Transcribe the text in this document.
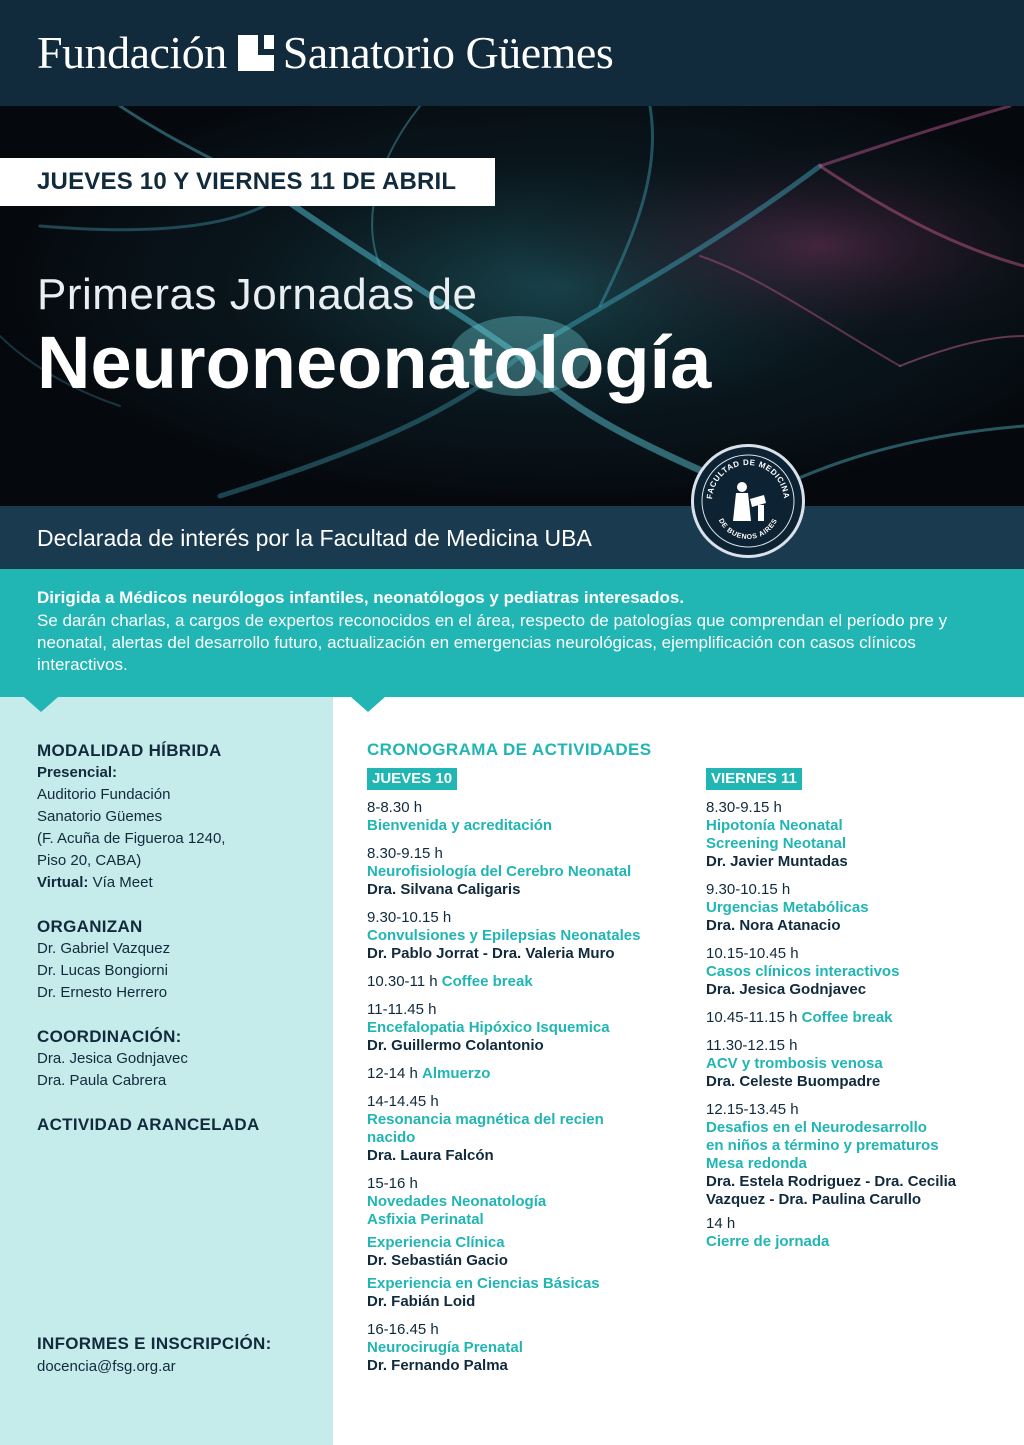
Fundación Sanatorio Güemes
JUEVES 10 Y VIERNES 11 DE ABRIL
Primeras Jornadas de
Neuroneonatología
Declarada de interés por la Facultad de Medicina UBA
FACULTAD DE MEDICINA
DE BUENOS AIRES
Dirigida a Médicos neurólogos infantiles, neonatólogos y pediatras interesados.
Se darán charlas, a cargos de expertos reconocidos en el área, respecto de patologías que comprendan el período pre y neonatal, alertas del desarrollo futuro, actualización en emergencias neurológicas, ejemplificación con casos clínicos interactivos.
MODALIDAD HÍBRIDA
Presencial:
Auditorio Fundación
Sanatorio Güemes
(F. Acuña de Figueroa 1240,
Piso 20, CABA)
Virtual: Vía Meet
ORGANIZAN
Dr. Gabriel Vazquez
Dr. Lucas Bongiorni
Dr. Ernesto Herrero
COORDINACIÓN:
Dra. Jesica Godnjavec
Dra. Paula Cabrera
ACTIVIDAD ARANCELADA
INFORMES E INSCRIPCIÓN:
docencia@fsg.org.ar
CRONOGRAMA DE ACTIVIDADES
JUEVES 10	VIERNES 11
8-8.30 h
Bienvenida y acreditación
8.30-9.15 h
Neurofisiología del Cerebro Neonatal
Dra. Silvana Caligaris
9.30-10.15 h
Convulsiones y Epilepsias Neonatales
Dr. Pablo Jorrat - Dra. Valeria Muro
10.30-11 h Coffee break
11-11.45 h
Encefalopatia Hipóxico Isquemica
Dr. Guillermo Colantonio
12-14 h Almuerzo
14-14.45 h
Resonancia magnética del recien
nacido
Dra. Laura Falcón
15-16 h
Novedades Neonatología
Asfixia Perinatal
Experiencia Clínica
Dr. Sebastián Gacio
Experiencia en Ciencias Básicas
Dr. Fabián Loid
16-16.45 h
Neurocirugía Prenatal
Dr. Fernando Palma
8.30-9.15 h
Hipotonía Neonatal
Screening Neotanal
Dr. Javier Muntadas
9.30-10.15 h
Urgencias Metabólicas
Dra. Nora Atanacio
10.15-10.45 h
Casos clínicos interactivos
Dra. Jesica Godnjavec
10.45-11.15 h Coffee break
11.30-12.15 h
ACV y trombosis venosa
Dra. Celeste Buompadre
12.15-13.45 h
Desafios en el Neurodesarrollo
en niños a término y prematuros
Mesa redonda
Dra. Estela Rodriguez - Dra. Cecilia
Vazquez - Dra. Paulina Carullo
14 h
Cierre de jornada
